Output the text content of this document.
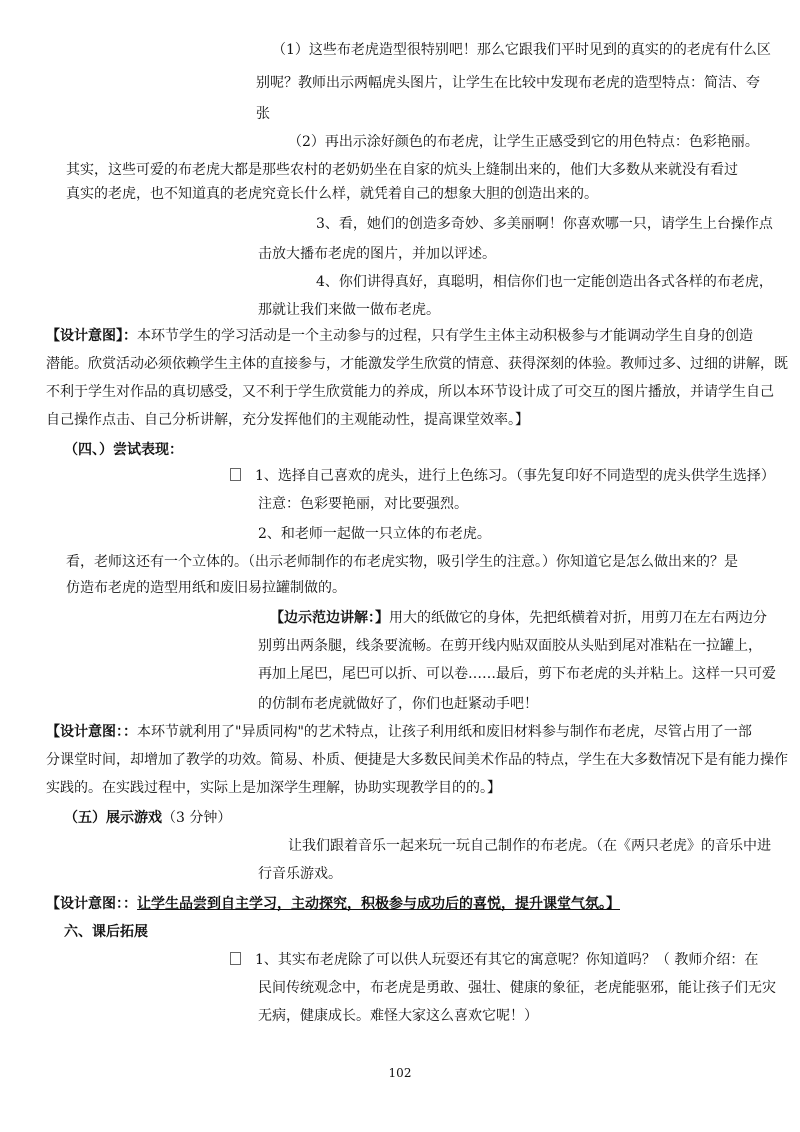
（1）这些布老虎造型很特别吧！那么它跟我们平时见到的真实的的老虎有什么区
别呢？教师出示两幅虎头图片，让学生在比较中发现布老虎的造型特点：简洁、夸
张
（2）再出示涂好颜色的布老虎，让学生正感受到它的用色特点：色彩艳丽。
其实，这些可爱的布老虎大都是那些农村的老奶奶坐在自家的炕头上缝制出来的，他们大多数从来就没有看过
真实的老虎，也不知道真的老虎究竟长什么样，就凭着自己的想象大胆的创造出来的。
3、看，她们的创造多奇妙、多美丽啊！你喜欢哪一只，请学生上台操作点
击放大播布老虎的图片，并加以评述。
4、你们讲得真好，真聪明，相信你们也一定能创造出各式各样的布老虎，
那就让我们来做一做布老虎。
【设计意图】：本环节学生的学习活动是一个主动参与的过程，只有学生主体主动积极参与才能调动学生自身的创造
潜能。欣赏活动必须依赖学生主体的直接参与，才能激发学生欣赏的情意、获得深刻的体验。教师过多、过细的讲解，既
不利于学生对作品的真切感受，又不利于学生欣赏能力的养成，所以本环节设计成了可交互的图片播放，并请学生自己
自己操作点击、自己分析讲解，充分发挥他们的主观能动性，提高课堂效率。】
（四、）尝试表现：
1、选择自己喜欢的虎头，进行上色练习。（事先复印好不同造型的虎头供学生选择）
注意：色彩要艳丽，对比要强烈。
2、和老师一起做一只立体的布老虎。
看，老师这还有一个立体的。（出示老师制作的布老虎实物，吸引学生的注意。）你知道它是怎么做出来的？是
仿造布老虎的造型用纸和废旧易拉罐制做的。
【边示范边讲解：】用大的纸做它的身体，先把纸横着对折，用剪刀在左右两边分
别剪出两条腿，线条要流畅。在剪开线内贴双面胶从头贴到尾对准粘在一拉罐上，
再加上尾巴，尾巴可以折、可以卷……最后，剪下布老虎的头并粘上。这样一只可爱
的仿制布老虎就做好了，你们也赶紧动手吧！
【设计意图：：本环节就利用了"异质同构"的艺术特点，让孩子利用纸和废旧材料参与制作布老虎，尽管占用了一部
分课堂时间，却增加了教学的功效。简易、朴质、便捷是大多数民间美术作品的特点，学生在大多数情况下是有能力操作
实践的。在实践过程中，实际上是加深学生理解，协助实现教学目的的。】
（五）展示游戏（3 分钟）
让我们跟着音乐一起来玩一玩自己制作的布老虎。（在《两只老虎》的音乐中进
行音乐游戏。
【设计意图：：让学生品尝到自主学习，主动探究，积极参与成功后的喜悦，提升课堂气氛。】
六、课后拓展
1、其实布老虎除了可以供人玩耍还有其它的寓意呢？你知道吗？（ 教师介绍：在
民间传统观念中，布老虎是勇敢、强壮、健康的象征，老虎能驱邪，能让孩子们无灾
无病，健康成长。难怪大家这么喜欢它呢！）
102
